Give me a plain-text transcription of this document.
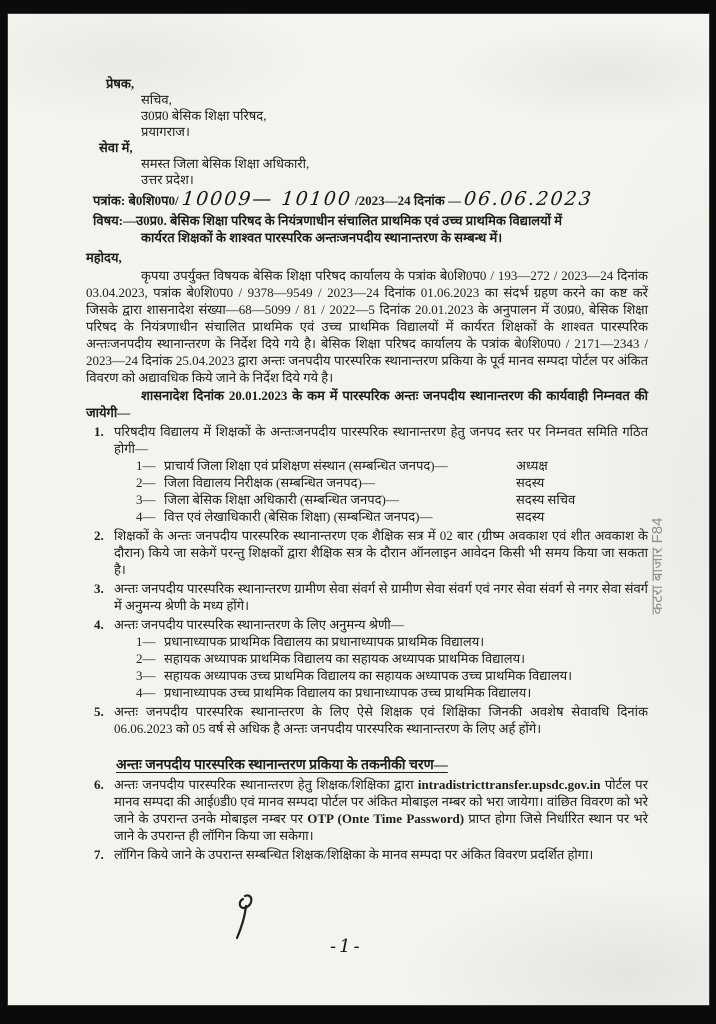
प्रेषक,
सचिव,
उ0प्र0 बेसिक शिक्षा परिषद,
प्रयागराज।
सेवा में,
समस्त जिला बेसिक शिक्षा अधिकारी,
उत्तर प्रदेश।
पत्रांक: बे0शि0प0/ 10009— 10100 /2023—24 दिनांक — 06.06.2023
विषय:—उ0प्र0. बेसिक शिक्षा परिषद के नियंत्रणाधीन संचालित प्राथमिक एवं उच्च प्राथमिक विद्यालयों में
कार्यरत शिक्षकों के शाश्वत पारस्परिक अन्तःजनपदीय स्थानान्तरण के सम्बन्ध में।
महोदय,
कृपया उपर्युक्त विषयक बेसिक शिक्षा परिषद कार्यालय के पत्रांक बे0शि0प0 / 193—272 / 2023—24 दिनांक 03.04.2023, पत्रांक बे0शि0प0 / 9378—9549 / 2023—24 दिनांक 01.06.2023 का संदर्भ ग्रहण करने का कष्ट करें जिसके द्वारा शासनादेश संख्या—68—5099 / 81 / 2022—5 दिनांक 20.01.2023 के अनुपालन में उ0प्र0, बेसिक शिक्षा परिषद के नियंत्रणाधीन संचालित प्राथमिक एवं उच्च प्राथमिक विद्यालयों में कार्यरत शिक्षकों के शाश्वत पारस्परिक अन्तःजनपदीय स्थानान्तरण के निर्देश दिये गये है। बेसिक शिक्षा परिषद कार्यालय के पत्रांक बे0शि0प0 / 2171—2343 / 2023—24 दिनांक 25.04.2023 द्वारा अन्तः जनपदीय पारस्परिक स्थानान्तरण प्रकिया के पूर्व मानव सम्पदा पोर्टल पर अंकित विवरण को अद्यावधिक किये जाने के निर्देश दिये गये है।
शासनादेश दिनांक 20.01.2023 के कम में पारस्परिक अन्तः जनपदीय स्थानान्तरण की कार्यवाही निम्नवत की जायेगी—
1. परिषदीय विद्यालय में शिक्षकों के अन्तःजनपदीय पारस्परिक स्थानान्तरण हेतु जनपद स्तर पर निम्नवत समिति गठित होगी—
1— प्राचार्य जिला शिक्षा एवं प्रशिक्षण संस्थान (सम्बन्धित जनपद)—	अध्यक्ष
2— जिला विद्यालय निरीक्षक (सम्बन्धित जनपद)—	सदस्य
3— जिला बेसिक शिक्षा अधिकारी (सम्बन्धित जनपद)—	सदस्य सचिव
4— वित्त एवं लेखाधिकारी (बेसिक शिक्षा) (सम्बन्धित जनपद)—	सदस्य
2. शिक्षकों के अन्तः जनपदीय पारस्परिक स्थानान्तरण एक शैक्षिक सत्र में 02 बार (ग्रीष्म अवकाश एवं शीत अवकाश के दौरान) किये जा सकेगें परन्तु शिक्षकों द्वारा शैक्षिक सत्र के दौरान ऑनलाइन आवेदन किसी भी समय किया जा सकता है।
3. अन्तः जनपदीय पारस्परिक स्थानान्तरण ग्रामीण सेवा संवर्ग से ग्रामीण सेवा संवर्ग एवं नगर सेवा संवर्ग से नगर सेवा संवर्ग में अनुमन्य श्रेणी के मध्य होंगे।
4. अन्तः जनपदीय पारस्परिक स्थानान्तरण के लिए अनुमन्य श्रेणी—
1— प्रधानाध्यापक प्राथमिक विद्यालय का प्रधानाध्यापक प्राथमिक विद्यालय।
2— सहायक अध्यापक प्राथमिक विद्यालय का सहायक अध्यापक प्राथमिक विद्यालय।
3— सहायक अध्यापक उच्च प्राथमिक विद्यालय का सहायक अध्यापक उच्च प्राथमिक विद्यालय।
4— प्रधानाध्यापक उच्च प्राथमिक विद्यालय का प्रधानाध्यापक उच्च प्राथमिक विद्यालय।
5. अन्तः जनपदीय पारस्परिक स्थानान्तरण के लिए ऐसे शिक्षक एवं शिक्षिका जिनकी अवशेष सेवावधि दिनांक 06.06.2023 को 05 वर्ष से अधिक है अन्तः जनपदीय पारस्परिक स्थानान्तरण के लिए अर्ह होंगे।
अन्तः जनपदीय पारस्परिक स्थानान्तरण प्रकिया के तकनीकी चरण—
6. अन्तः जनपदीय पारस्परिक स्थानान्तरण हेतु शिक्षक/शिक्षिका द्वारा intradistricttransfer.upsdc.gov.in पोर्टल पर मानव सम्पदा की आई0डी0 एवं मानव सम्पदा पोर्टल पर अंकित मोबाइल नम्बर को भरा जायेगा। वांछित विवरण को भरे जाने के उपरान्त उनके मोबाइल नम्बर पर OTP (Onte Time Password) प्राप्त होगा जिसे निर्धारित स्थान पर भरे जाने के उपरान्त ही लॉगिन किया जा सकेगा।
7. लॉगिन किये जाने के उपरान्त सम्बन्धित शिक्षक/शिक्षिका के मानव सम्पदा पर अंकित विवरण प्रदर्शित होगा।
-1-
कटरा बाजार F84
